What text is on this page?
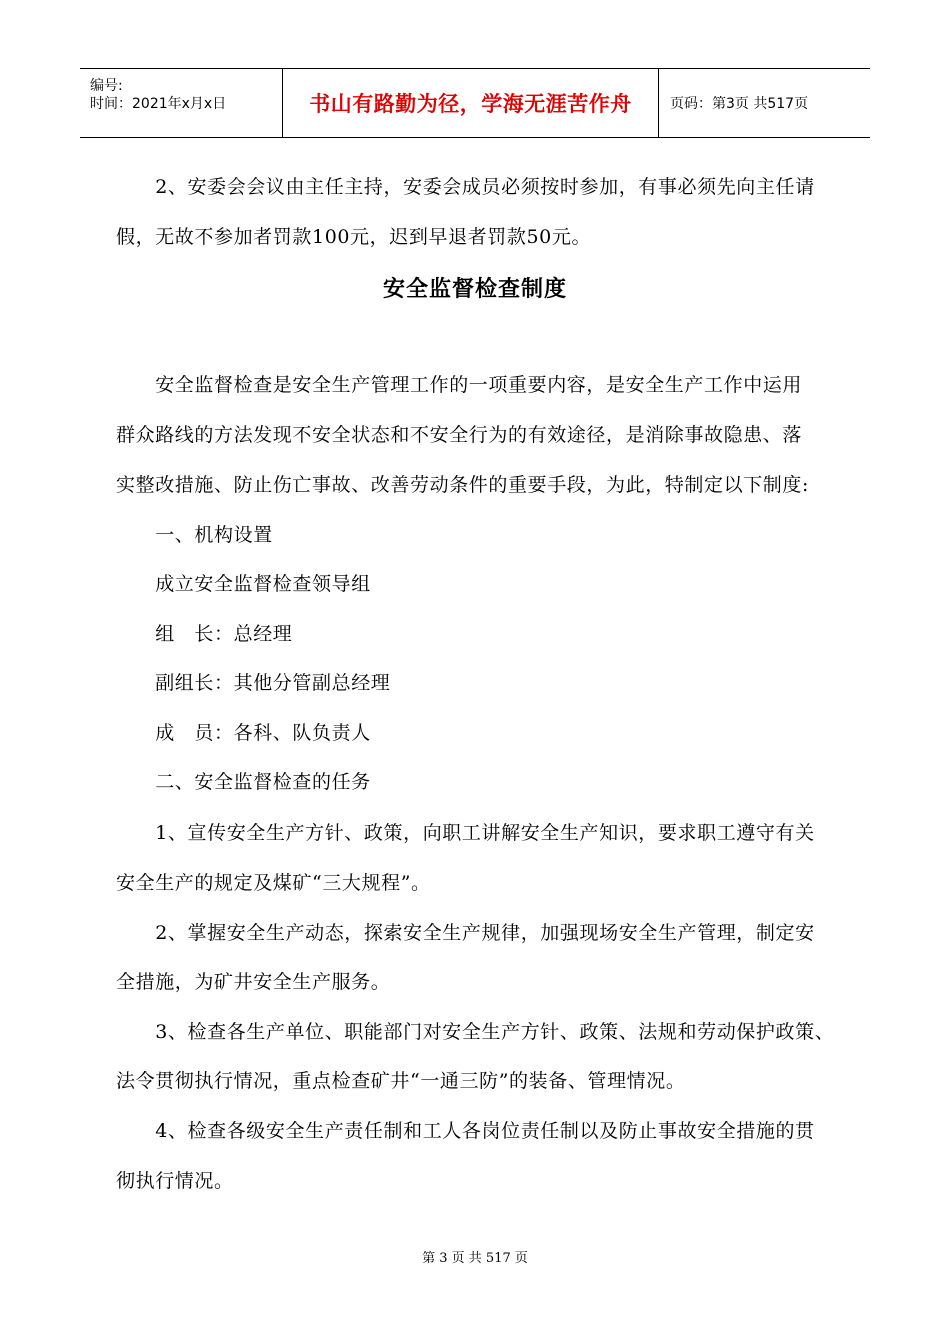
编号:
时间：2021年x月x日	书山有路勤为径，学海无涯苦作舟	页码：第3页 共517页
　　2、安委会会议由主任主持，安委会成员必须按时参加，有事必须先向主任请
假，无故不参加者罚款100元，迟到早退者罚款50元。
安全监督检查制度
　　安全监督检查是安全生产管理工作的一项重要内容，是安全生产工作中运用
群众路线的方法发现不安全状态和不安全行为的有效途径，是消除事故隐患、落
实整改措施、防止伤亡事故、改善劳动条件的重要手段，为此，特制定以下制度:
　　一、机构设置
　　成立安全监督检查领导组
　　组　长：总经理
　　副组长：其他分管副总经理
　　成　员：各科、队负责人
　　二、安全监督检查的任务
　　1、宣传安全生产方针、政策，向职工讲解安全生产知识，要求职工遵守有关
安全生产的规定及煤矿“三大规程”。
　　2、掌握安全生产动态，探索安全生产规律，加强现场安全生产管理，制定安
全措施，为矿井安全生产服务。
　　3、检查各生产单位、职能部门对安全生产方针、政策、法规和劳动保护政策、
法令贯彻执行情况，重点检查矿井“一通三防”的装备、管理情况。
　　4、检查各级安全生产责任制和工人各岗位责任制以及防止事故安全措施的贯
彻执行情况。
第 3 页 共 517 页
